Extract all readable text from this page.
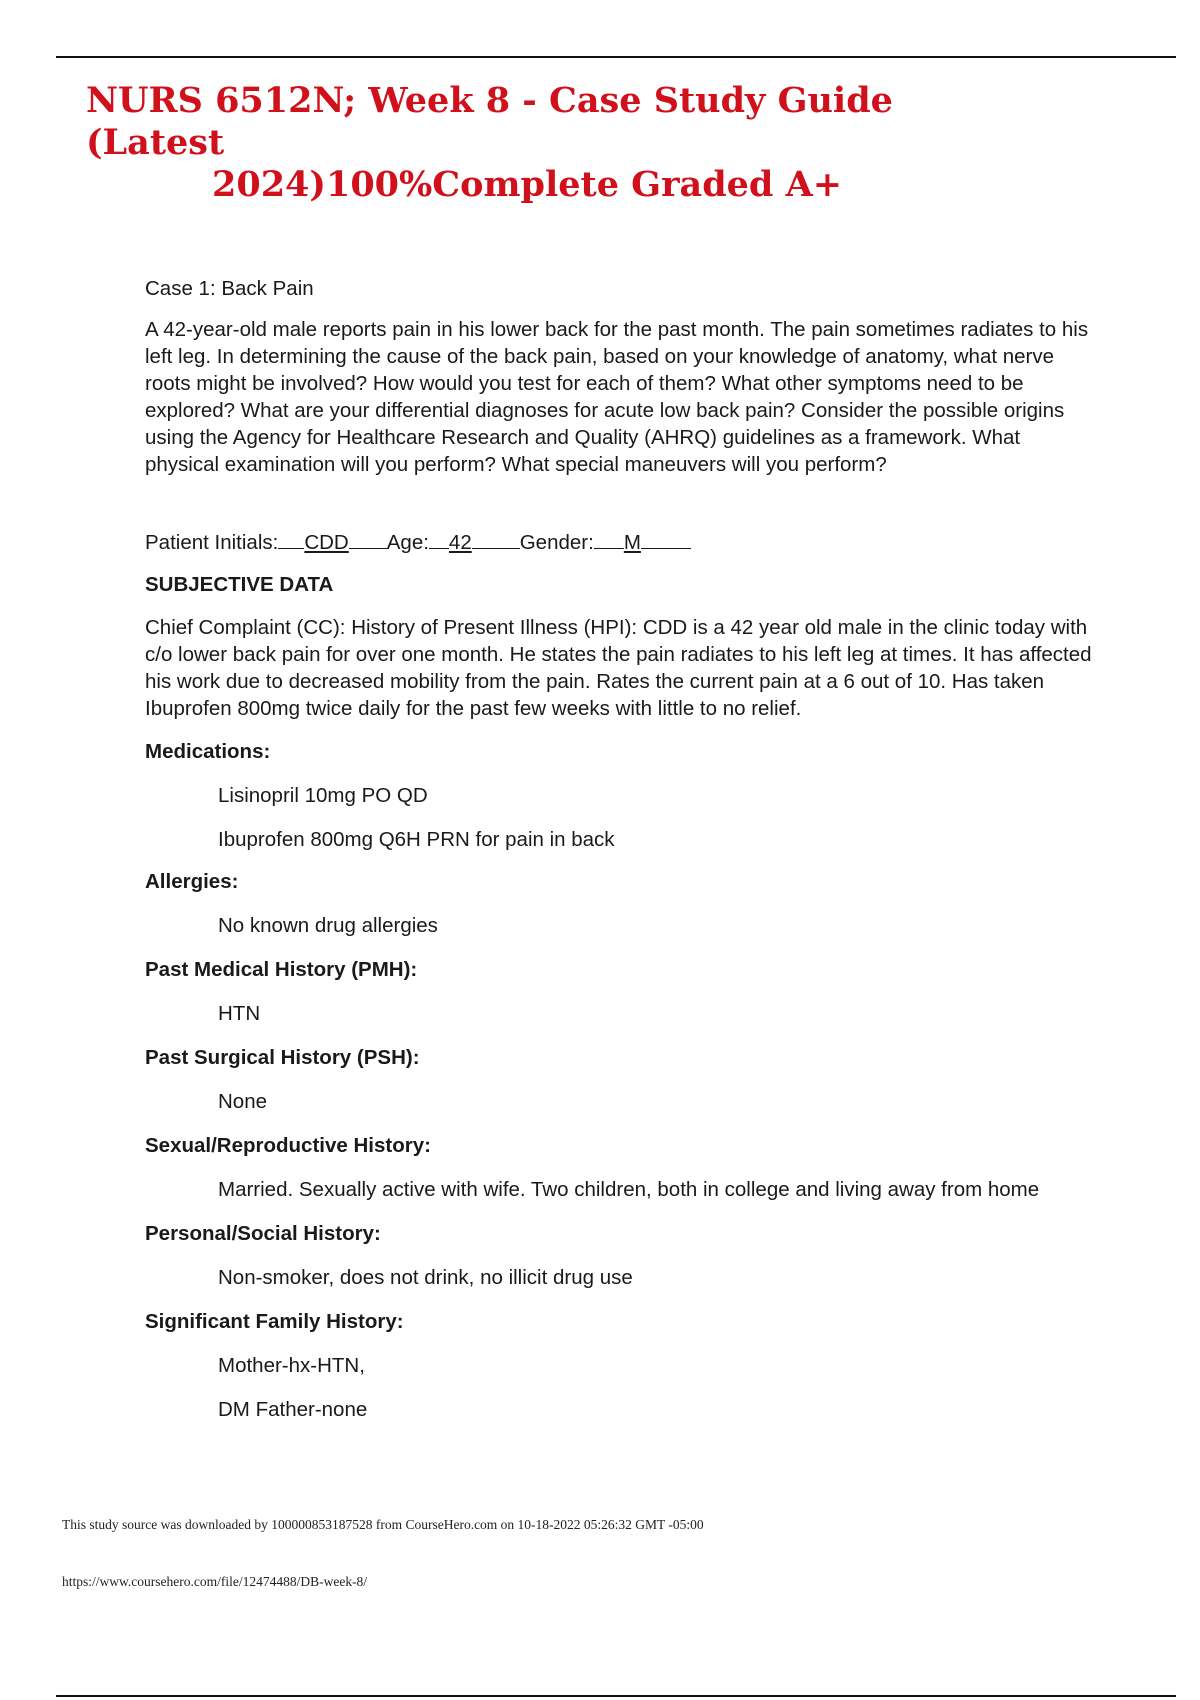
NURS 6512N; Week 8 - Case Study Guide (Latest
2024)100%Complete Graded A+

Case 1: Back Pain

A 42-year-old male reports pain in his lower back for the past month. The pain sometimes radiates to his left leg. In determining the cause of the back pain, based on your knowledge of anatomy, what nerve roots might be involved? How would you test for each of them? What other symptoms need to be explored? What are your differential diagnoses for acute low back pain? Consider the possible origins using the Agency for Healthcare Research and Quality (AHRQ) guidelines as a framework. What physical examination will you perform? What special maneuvers will you perform?

Patient Initials: CDD Age: 42 Gender: M

SUBJECTIVE DATA

Chief Complaint (CC): History of Present Illness (HPI): CDD is a 42 year old male in the clinic today with c/o lower back pain for over one month. He states the pain radiates to his left leg at times. It has affected his work due to decreased mobility from the pain. Rates the current pain at a 6 out of 10. Has taken Ibuprofen 800mg twice daily for the past few weeks with little to no relief.

Medications:

Lisinopril 10mg PO QD

Ibuprofen 800mg Q6H PRN for pain in back

Allergies:

No known drug allergies

Past Medical History (PMH):

HTN

Past Surgical History (PSH):

None

Sexual/Reproductive History:

Married. Sexually active with wife. Two children, both in college and living away from home

Personal/Social History:

Non-smoker, does not drink, no illicit drug use

Significant Family History:

Mother-hx-HTN,

DM Father-none

This study source was downloaded by 100000853187528 from CourseHero.com on 10-18-2022 05:26:32 GMT -05:00
https://www.coursehero.com/file/12474488/DB-week-8/
